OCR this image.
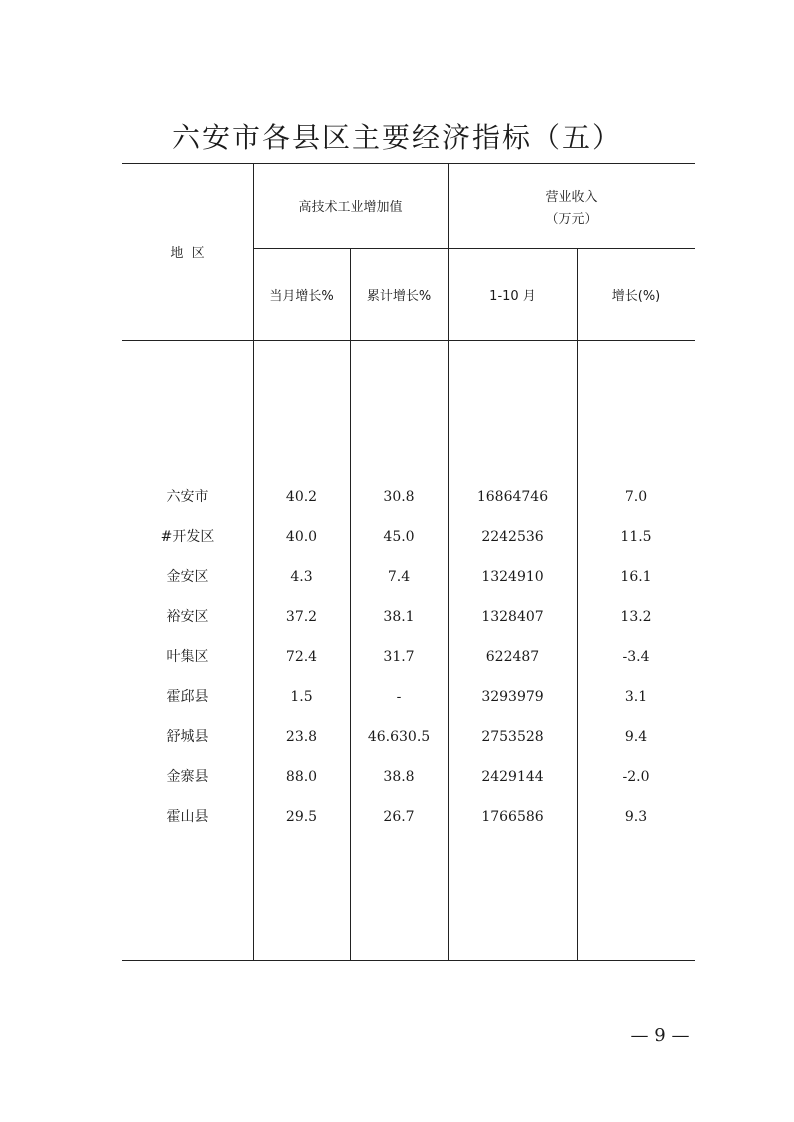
六安市各县区主要经济指标（五）
地  区
高技术工业增加值
营业收入
（万元）
当月增长%	累计增长%	1-10 月	增长(%)
六安市	40.2	30.8	16864746	7.0
#开发区	40.0	45.0	2242536	11.5
金安区	4.3	7.4	1324910	16.1
裕安区	37.2	38.1	1328407	13.2
叶集区	72.4	31.7	622487	-3.4
霍邱县	1.5	-	3293979	3.1
舒城县	23.8	46.630.5	2753528	9.4
金寨县	88.0	38.8	2429144	-2.0
霍山县	29.5	26.7	1766586	9.3
— 9 —
